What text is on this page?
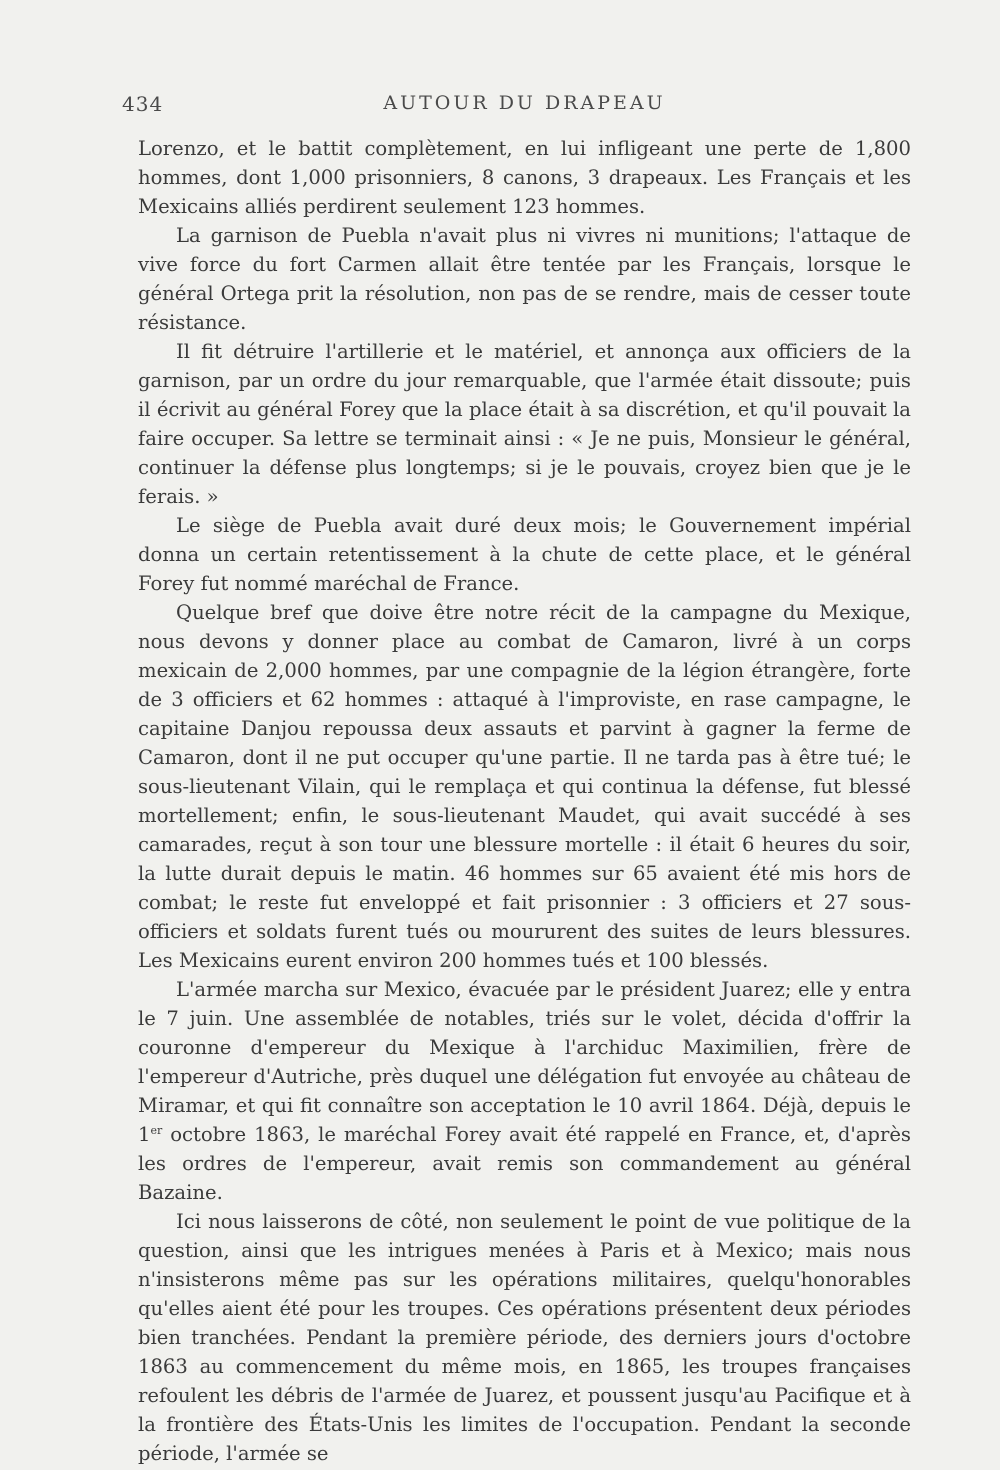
434	AUTOUR DU DRAPEAU

Lorenzo, et le battit complètement, en lui infligeant une perte de 1,800 hommes, dont 1,000 prisonniers, 8 canons, 3 drapeaux. Les Français et les Mexicains alliés perdirent seulement 123 hommes.

La garnison de Puebla n'avait plus ni vivres ni munitions; l'attaque de vive force du fort Carmen allait être tentée par les Français, lorsque le général Ortega prit la résolution, non pas de se rendre, mais de cesser toute résistance.

Il fit détruire l'artillerie et le matériel, et annonça aux officiers de la garnison, par un ordre du jour remarquable, que l'armée était dissoute; puis il écrivit au général Forey que la place était à sa discrétion, et qu'il pouvait la faire occuper. Sa lettre se terminait ainsi : « Je ne puis, Monsieur le général, continuer la défense plus longtemps; si je le pouvais, croyez bien que je le ferais. »

Le siège de Puebla avait duré deux mois; le Gouvernement impérial donna un certain retentissement à la chute de cette place, et le général Forey fut nommé maréchal de France.

Quelque bref que doive être notre récit de la campagne du Mexique, nous devons y donner place au combat de Camaron, livré à un corps mexicain de 2,000 hommes, par une compagnie de la légion étrangère, forte de 3 officiers et 62 hommes : attaqué à l'improviste, en rase campagne, le capitaine Danjou repoussa deux assauts et parvint à gagner la ferme de Camaron, dont il ne put occuper qu'une partie. Il ne tarda pas à être tué; le sous-lieutenant Vilain, qui le remplaça et qui continua la défense, fut blessé mortellement; enfin, le sous-lieutenant Maudet, qui avait succédé à ses camarades, reçut à son tour une blessure mortelle : il était 6 heures du soir, la lutte durait depuis le matin. 46 hommes sur 65 avaient été mis hors de combat; le reste fut enveloppé et fait prisonnier : 3 officiers et 27 sous-officiers et soldats furent tués ou moururent des suites de leurs blessures. Les Mexicains eurent environ 200 hommes tués et 100 blessés.

L'armée marcha sur Mexico, évacuée par le président Juarez; elle y entra le 7 juin. Une assemblée de notables, triés sur le volet, décida d'offrir la couronne d'empereur du Mexique à l'archiduc Maximilien, frère de l'empereur d'Autriche, près duquel une délégation fut envoyée au château de Miramar, et qui fit connaître son acceptation le 10 avril 1864. Déjà, depuis le 1er octobre 1863, le maréchal Forey avait été rappelé en France, et, d'après les ordres de l'empereur, avait remis son commandement au général Bazaine.

Ici nous laisserons de côté, non seulement le point de vue politique de la question, ainsi que les intrigues menées à Paris et à Mexico; mais nous n'insisterons même pas sur les opérations militaires, quelqu'honorables qu'elles aient été pour les troupes. Ces opérations présentent deux périodes bien tranchées. Pendant la première période, des derniers jours d'octobre 1863 au commencement du même mois, en 1865, les troupes françaises refoulent les débris de l'armée de Juarez, et poussent jusqu'au Pacifique et à la frontière des États-Unis les limites de l'occupation. Pendant la seconde période, l'armée se
